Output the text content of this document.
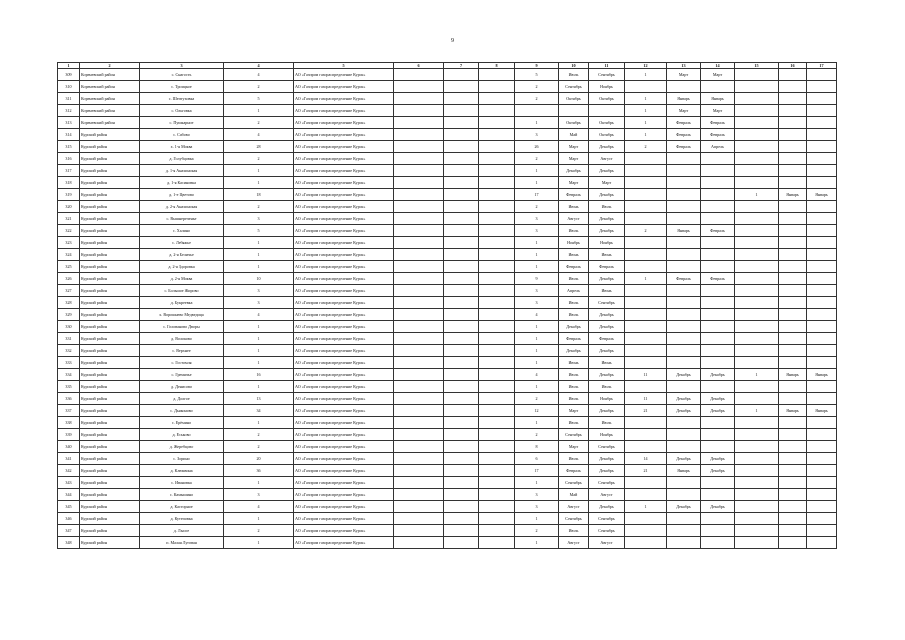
9
1	2	3	4	5	6	7	8	9	10	11	12	13	14	15	16	17
309	Кореневский район	с. Снагость	4	АО «Газпром газораспределение Курск»				5	Июль	Сентябрь	1	Март	Март			
310	Кореневский район	с. Троицкое	2	АО «Газпром газораспределение Курск»				2	Сентябрь	Ноябрь						
311	Кореневский район	с. Шептуховка	5	АО «Газпром газораспределение Курск»				2	Октябрь	Октябрь	1	Январь	Январь			
312	Кореневский район	с. Ольговка	1	АО «Газпром газораспределение Курск»							1	Март	Март			
313	Кореневский район	с. Пушкарное	2	АО «Газпром газораспределение Курск»				1	Октябрь	Октябрь	1	Февраль	Февраль			
314	Курский район	с. Сабово	4	АО «Газпром газораспределение Курск»				3	Май	Октябрь	1	Февраль	Февраль			
315	Курский район	х. 1-я Моква	28	АО «Газпром газораспределение Курск»				26	Март	Декабрь	2	Февраль	Апрель			
316	Курский район	д. Голубцовка	2	АО «Газпром газораспределение Курск»				2	Март	Август						
317	Курский район	д. 1-я Анахинская	1	АО «Газпром газораспределение Курск»				1	Декабрь	Декабрь						
318	Курский район	д. 1-я Касиновка	1	АО «Газпром газораспределение Курск»				1	Март	Март						
319	Курский район	д. 1-е Цветово	18	АО «Газпром газораспределение Курск»				17	Февраль	Декабрь				1	Январь	Январь
320	Курский район	д. 2-я Анахинская	2	АО «Газпром газораспределение Курск»				2	Июнь	Июль						
321	Курский район	с. Вышнереченье	3	АО «Газпром газораспределение Курск»				3	Август	Декабрь						
322	Курский район	с. Халино	5	АО «Газпром газораспределение Курск»				3	Июль	Декабрь	2	Январь	Февраль			
323	Курский район	с. Лебяжье	1	АО «Газпром газораспределение Курск»				1	Ноябрь	Ноябрь						
324	Курский район	д. 2-я Беличье	1	АО «Газпром газораспределение Курск»				1	Июнь	Июнь						
325	Курский район	д. 2-я Здоровка	1	АО «Газпром газораспределение Курск»				1	Февраль	Февраль						
326	Курский район	д. 2-я Моква	10	АО «Газпром газораспределение Курск»				9	Июль	Декабрь	1	Февраль	Февраль			
327	Курский район	с. Большое Жирово	3	АО «Газпром газораспределение Курск»				3	Апрель	Июнь						
328	Курский район	д. Букреевка	3	АО «Газпром газораспределение Курск»				3	Июль	Сентябрь						
329	Курский район	х. Ворошнево Медведица	4	АО «Газпром газораспределение Курск»				4	Июль	Декабрь						
330	Курский район	с. Голованово Дворы	1	АО «Газпром газораспределение Курск»				1	Декабрь	Декабрь						
331	Курский район	д. Волоково	1	АО «Газпром газораспределение Курск»				1	Февраль	Февраль						
332	Курский район	с. Верхнее	1	АО «Газпром газораспределение Курск»				1	Декабрь	Декабрь						
333	Курский район	с. Гостомля	1	АО «Газпром газораспределение Курск»				1	Июнь	Июнь						
334	Курский район	с. Гремячье	16	АО «Газпром газораспределение Курск»				4	Июль	Декабрь	11	Декабрь	Декабрь	1	Январь	Январь
335	Курский район	д. Денисово	1	АО «Газпром газораспределение Курск»				1	Июль	Июль						
336	Курский район	д. Долгое	13	АО «Газпром газораспределение Курск»				2	Июль	Ноябрь	11	Декабрь	Декабрь			
337	Курский район	с. Дьяконово	34	АО «Газпром газораспределение Курск»				12	Март	Декабрь	21	Декабрь	Декабрь	1	Январь	Январь
338	Курский район	с. Ерёмино	1	АО «Газпром газораспределение Курск»				1	Июль	Июль						
339	Курский район	д. Еськово	2	АО «Газпром газораспределение Курск»				2	Сентябрь	Ноябрь						
340	Курский район	д. Жеребцово	2	АО «Газпром газораспределение Курск»				8	Март	Сентябрь						
341	Курский район	с. Зорино	20	АО «Газпром газораспределение Курск»				6	Июль	Декабрь	14	Декабрь	Декабрь			
342	Курский район	д. Клюквина	36	АО «Газпром газораспределение Курск»				17	Февраль	Декабрь	21	Январь	Декабрь			
343	Курский район	с. Ивановка	1	АО «Газпром газораспределение Курск»				1	Сентябрь	Сентябрь						
344	Курский район	с. Камышино	3	АО «Газпром газораспределение Курск»				3	Май	Август						
345	Курский район	д. Касторное	4	АО «Газпром газораспределение Курск»				3	Август	Декабрь	1	Декабрь	Декабрь			
346	Курский район	д. Кутеповка	1	АО «Газпром газораспределение Курск»				1	Сентябрь	Сентябрь						
347	Курский район	д. Лысое	2	АО «Газпром газораспределение Курск»				2	Июль	Сентябрь						
348	Курский район	п. Малая Луговая	1	АО «Газпром газораспределение Курск»				1	Август	Август						
